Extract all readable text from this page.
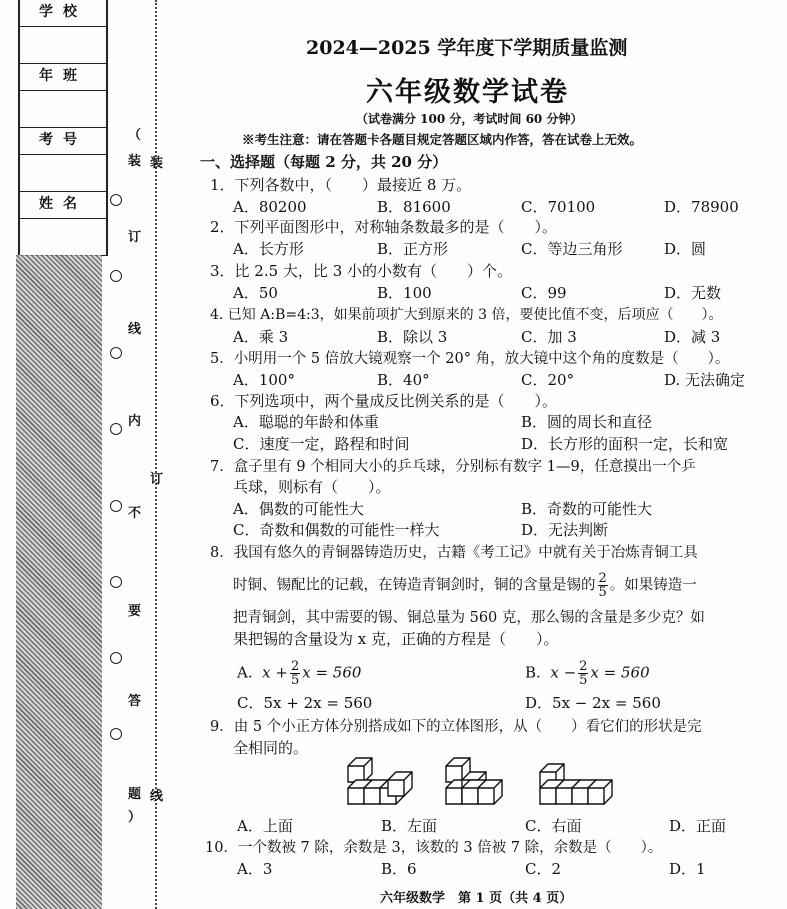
学校
年班
考号
姓名
（
装
订
线
内
不
要
答
题
）
装
订
线
2024—2025 学年度下学期质量监测
六年级数学试卷
（试卷满分 100 分，考试时间 60 分钟）
※考生注意：请在答题卡各题目规定答题区域内作答，答在试卷上无效。
一、选择题（每题 2 分，共 20 分）
1．下列各数中，（　　）最接近 8 万。
A．80200	B．81600	C．70100	D．78900
2．下列平面图形中，对称轴条数最多的是（　　）。
A．长方形	B．正方形	C．等边三角形	D．圆
3．比 2.5 大，比 3 小的小数有（　　）个。
A．50	B．100	C．99	D．无数
4. 已知 A:B=4:3，如果前项扩大到原来的 3 倍，要使比值不变，后项应（　　）。
A．乘 3	B．除以 3	C．加 3	D．减 3
5．小明用一个 5 倍放大镜观察一个 20° 角，放大镜中这个角的度数是（　　）。
A．100°	B．40°	C．20°	D. 无法确定
6．下列选项中，两个量成反比例关系的是（　　）。
A．聪聪的年龄和体重	B．圆的周长和直径
C．速度一定，路程和时间	D．长方形的面积一定，长和宽
7．盒子里有 9 个相同大小的乒乓球，分别标有数字 1—9，任意摸出一个乒
乓球，则标有（　　）。
A．偶数的可能性大	B．奇数的可能性大
C．奇数和偶数的可能性一样大	D．无法判断
8．我国有悠久的青铜器铸造历史，古籍《考工记》中就有关于冶炼青铜工具
时铜、锡配比的记载，在铸造青铜剑时，铜的含量是锡的 $\frac{2}{5}$ 。如果铸造一
把青铜剑，其中需要的锡、铜总量为 560 克，那么锡的含量是多少克？如
果把锡的含量设为 x 克，正确的方程是（　　）。
A. $x + \frac{2}{5}$ x = 560	B. $x - \frac{2}{5}$ x = 560
C．5x + 2x = 560	D．5x − 2x = 560
9．由 5 个小正方体分别搭成如下的立体图形，从（　　）看它们的形状是完
全相同的。
A．上面	B．左面	C．右面	D．正面
10．一个数被 7 除，余数是 3，该数的 3 倍被 7 除，余数是（　　）。
A．3	B．6	C．2	D．1
六年级数学　第 1 页（共 4 页）
